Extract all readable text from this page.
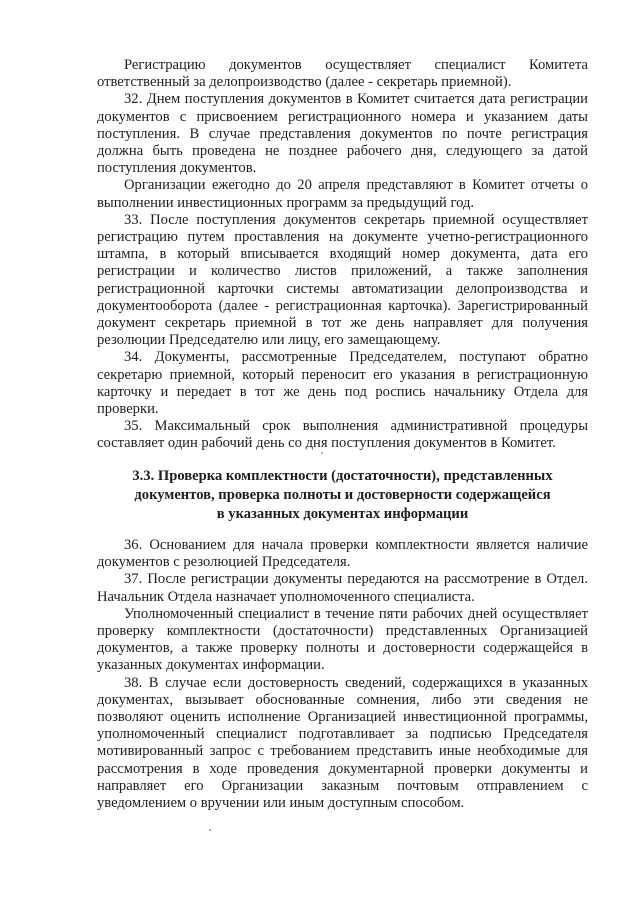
Регистрацию документов осуществляет специалист Комитета ответственный за делопроизводство (далее - секретарь приемной).

32. Днем поступления документов в Комитет считается дата регистрации документов с присвоением регистрационного номера и указанием даты поступления. В случае представления документов по почте регистрация должна быть проведена не позднее рабочего дня, следующего за датой поступления документов.

Организации ежегодно до 20 апреля представляют в Комитет отчеты о выполнении инвестиционных программ за предыдущий год.

33. После поступления документов секретарь приемной осуществляет регистрацию путем проставления на документе учетно-регистрационного штампа, в который вписывается входящий номер документа, дата его регистрации и количество листов приложений, а также заполнения регистрационной карточки системы автоматизации делопроизводства и документооборота (далее - регистрационная карточка). Зарегистрированный документ секретарь приемной в тот же день направляет для получения резолюции Председателю или лицу, его замещающему.

34. Документы, рассмотренные Председателем, поступают обратно секретарю приемной, который переносит его указания в регистрационную карточку и передает в тот же день под роспись начальнику Отдела для проверки.

35. Максимальный срок выполнения административной процедуры составляет один рабочий день со дня поступления документов в Комитет.

3.3. Проверка комплектности (достаточности), представленных
документов, проверка полноты и достоверности содержащейся
в указанных документах информации

36. Основанием для начала проверки комплектности является наличие документов с резолюцией Председателя.

37. После регистрации документы передаются на рассмотрение в Отдел. Начальник Отдела назначает уполномоченного специалиста.

Уполномоченный специалист в течение пяти рабочих дней осуществляет проверку комплектности (достаточности) представленных Организацией документов, а также проверку полноты и достоверности содержащейся в указанных документах информации.

38. В случае если достоверность сведений, содержащихся в указанных документах, вызывает обоснованные сомнения, либо эти сведения не позволяют оценить исполнение Организацией инвестиционной программы, уполномоченный специалист подготавливает за подписью Председателя мотивированный запрос с требованием представить иные необходимые для рассмотрения в ходе проведения документарной проверки документы и направляет его Организации заказным почтовым отправлением с уведомлением о вручении или иным доступным способом.
